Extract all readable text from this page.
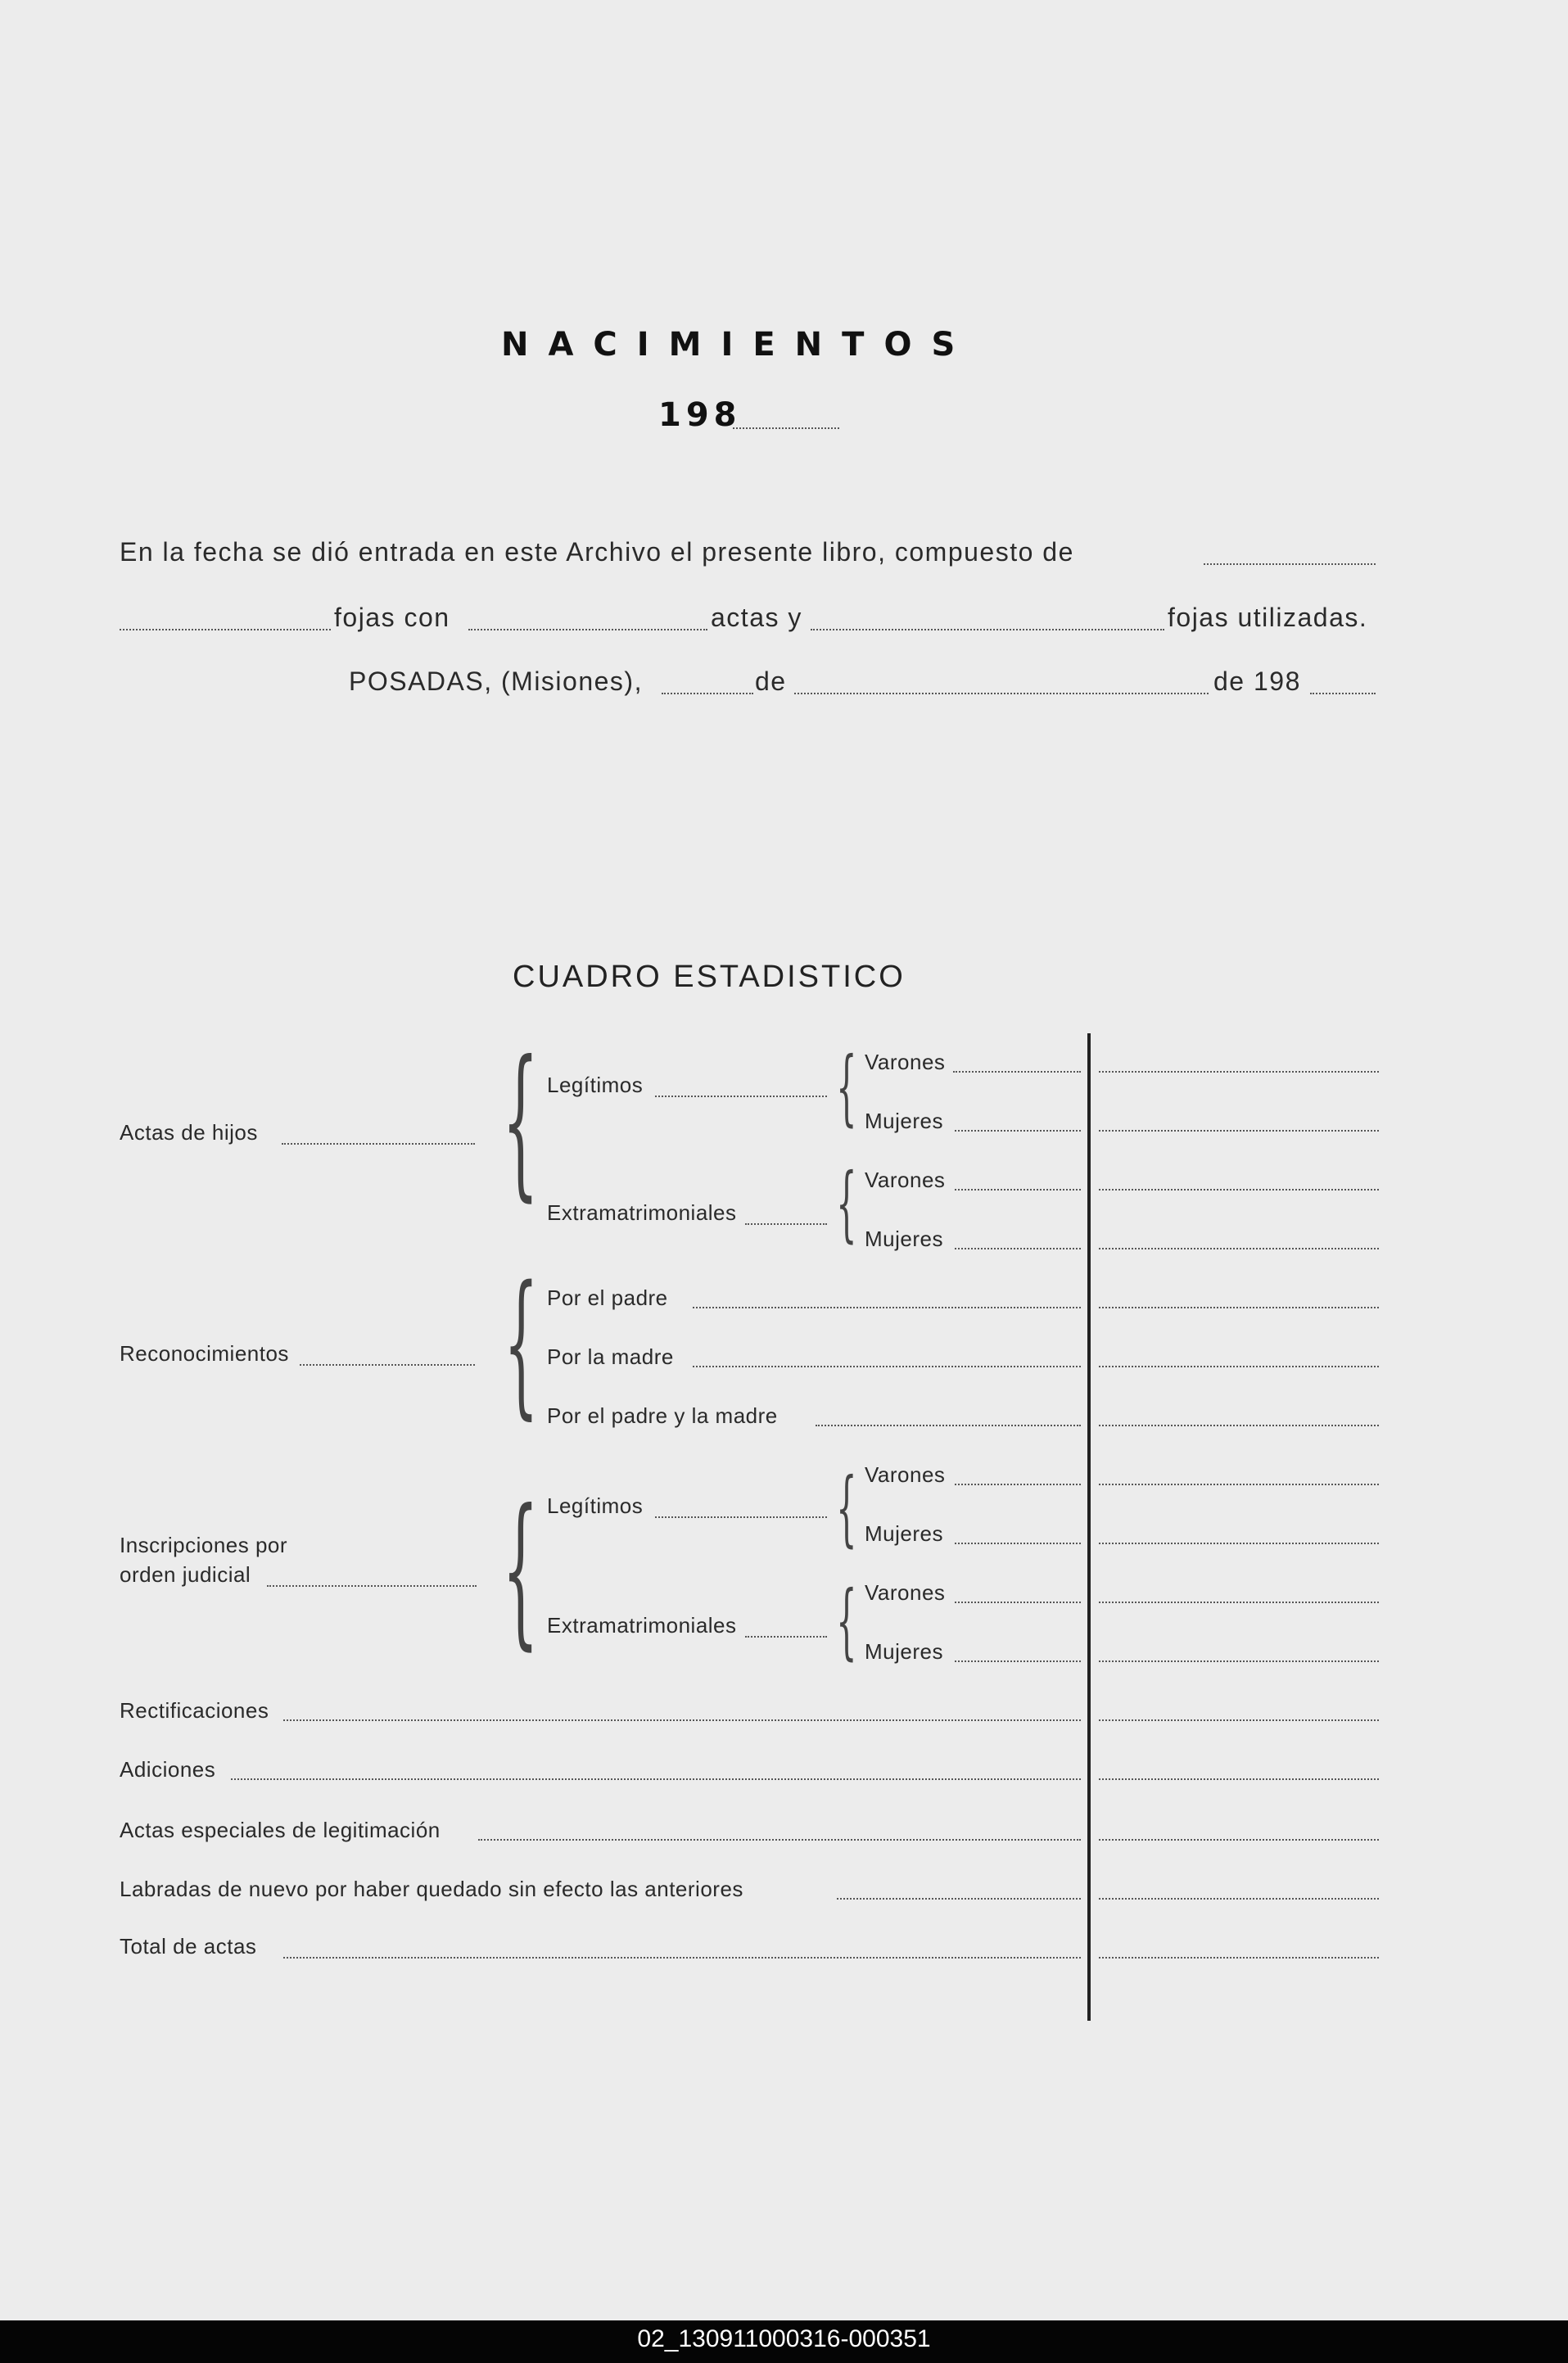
NACIMIENTOS
198
En la fecha se dió entrada en este Archivo el presente libro, compuesto de
fojas con	actas y	fojas utilizadas.
POSADAS, (Misiones),	de	de 198
CUADRO ESTADISTICO
Actas de hijos { Legítimos { Varones
Mujeres
Extramatrimoniales { Varones
Mujeres
Reconocimientos { Por el padre
Por la madre
Por el padre y la madre
Inscripciones por
orden judicial { Legítimos { Varones
Mujeres
Extramatrimoniales { Varones
Mujeres
Rectificaciones
Adiciones
Actas especiales de legitimación
Labradas de nuevo por haber quedado sin efecto las anteriores
Total de actas
02_130911000316-000351
